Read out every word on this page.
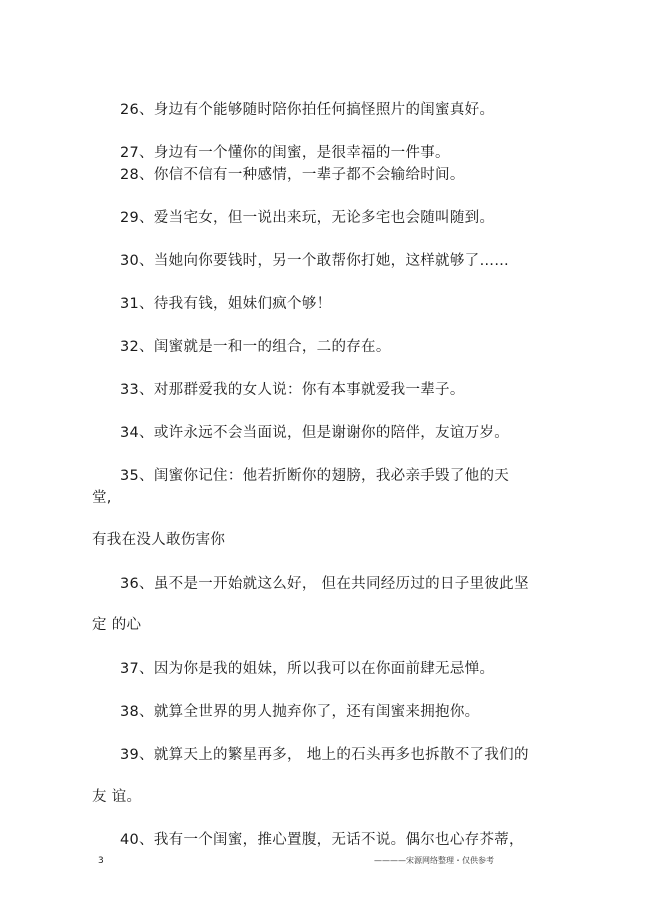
26、身边有个能够随时陪你拍任何搞怪照片的闺蜜真好。
27、身边有一个懂你的闺蜜，是很幸福的一件事。
28、你信不信有一种感情，一辈子都不会输给时间。
29、爱当宅女，但一说出来玩，无论多宅也会随叫随到。
30、当她向你要钱时，另一个敢帮你打她，这样就够了……
31、待我有钱，姐妹们疯个够！
32、闺蜜就是一和一的组合，二的存在。
33、对那群爱我的女人说：你有本事就爱我一辈子。
34、或许永远不会当面说，但是谢谢你的陪伴，友谊万岁。
35、闺蜜你记住：他若折断你的翅膀，我必亲手毁了他的天
堂,
有我在没人敢伤害你
36、虽不是一开始就这么好， 但在共同经历过的日子里彼此坚
定 的心
37、因为你是我的姐妹，所以我可以在你面前肆无忌惮。
38、就算全世界的男人抛弃你了，还有闺蜜来拥抱你。
39、就算天上的繁星再多， 地上的石头再多也拆散不了我们的
友 谊。
40、我有一个闺蜜，推心置腹，无话不说。偶尔也心存芥蒂，
3	————宋源网络整理・仅供参考
